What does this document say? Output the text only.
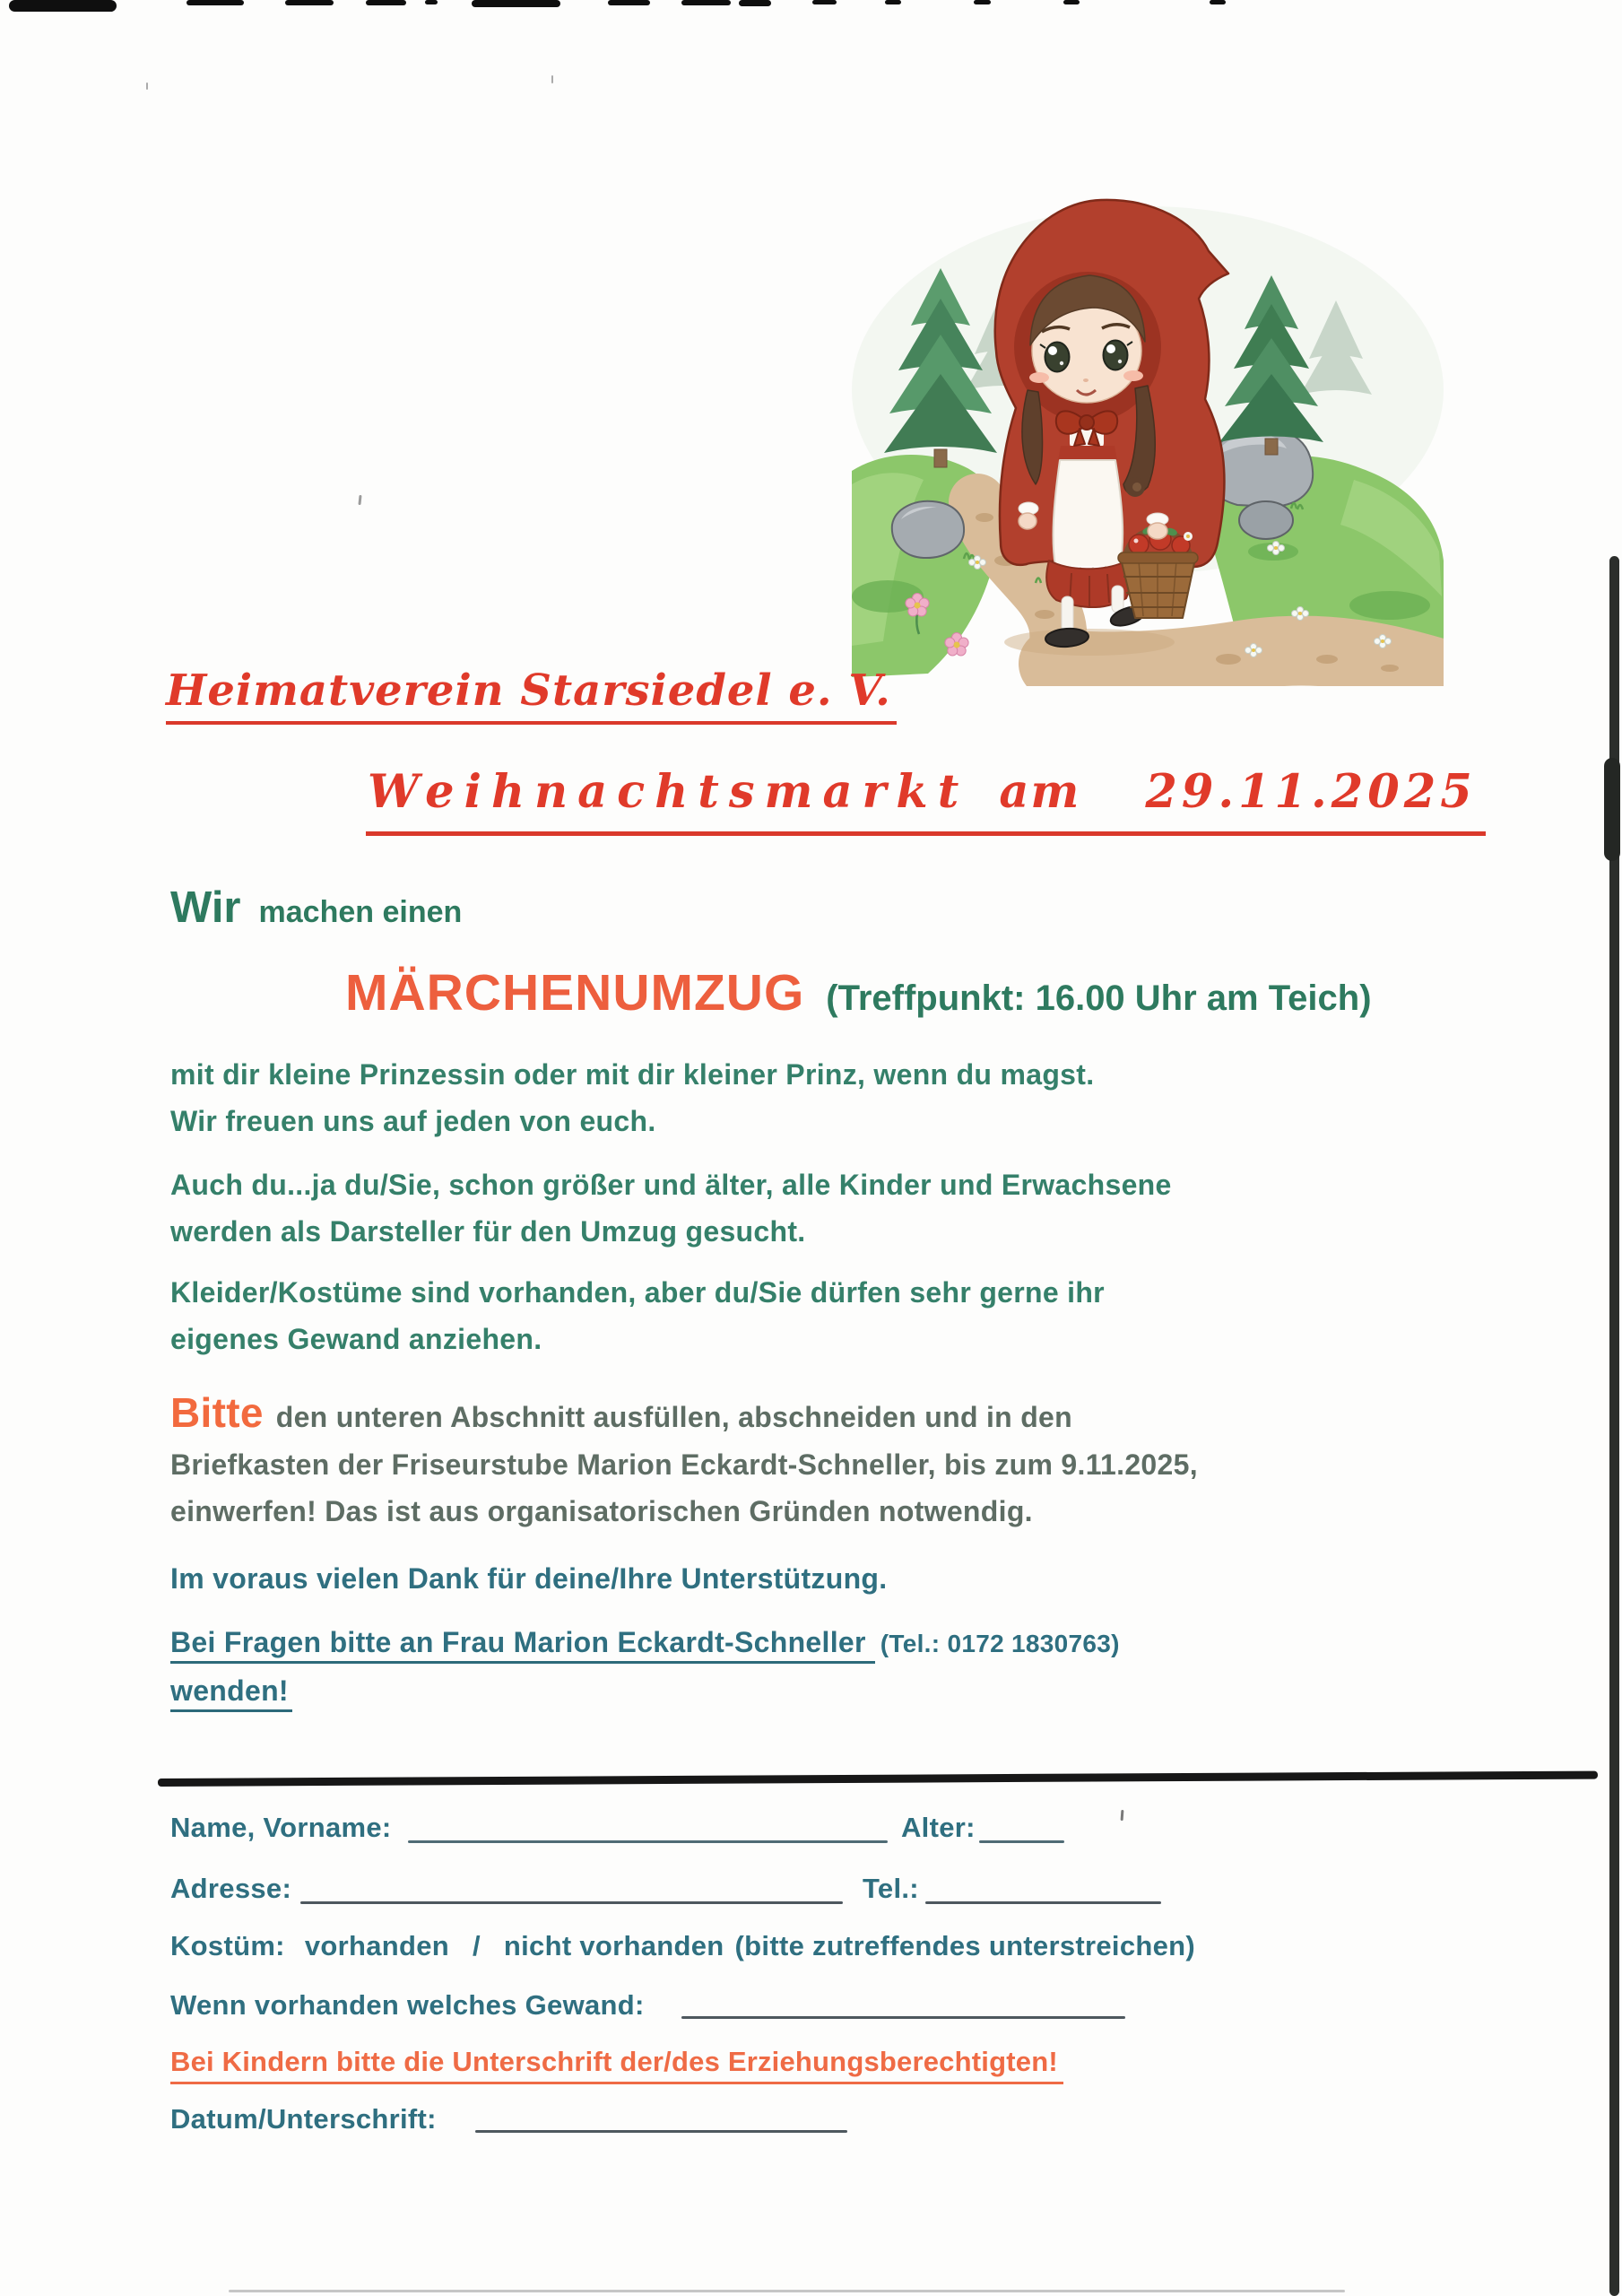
Heimatverein Starsiedel e. V.
Weihnachtsmarkt am 29.11.2025
Wir machen einen
MÄRCHENUMZUG (Treffpunkt: 16.00 Uhr am Teich)
mit dir kleine Prinzessin oder mit dir kleiner Prinz, wenn du magst.
Wir freuen uns auf jeden von euch.
Auch du...ja du/Sie, schon größer und älter, alle Kinder und Erwachsene
werden als Darsteller für den Umzug gesucht.
Kleider/Kostüme sind vorhanden, aber du/Sie dürfen sehr gerne ihr
eigenes Gewand anziehen.
Bitte den unteren Abschnitt ausfüllen, abschneiden und in den
Briefkasten der Friseurstube Marion Eckardt-Schneller, bis zum 9.11.2025,
einwerfen! Das ist aus organisatorischen Gründen notwendig.
Im voraus vielen Dank für deine/Ihre Unterstützung.
Bei Fragen bitte an Frau Marion Eckardt-Schneller (Tel.: 0172 1830763)
wenden!
Name, Vorname:	Alter:
Adresse:	Tel.:
Kostüm: vorhanden / nicht vorhanden (bitte zutreffendes unterstreichen)
Wenn vorhanden welches Gewand:
Bei Kindern bitte die Unterschrift der/des Erziehungsberechtigten!
Datum/Unterschrift:
